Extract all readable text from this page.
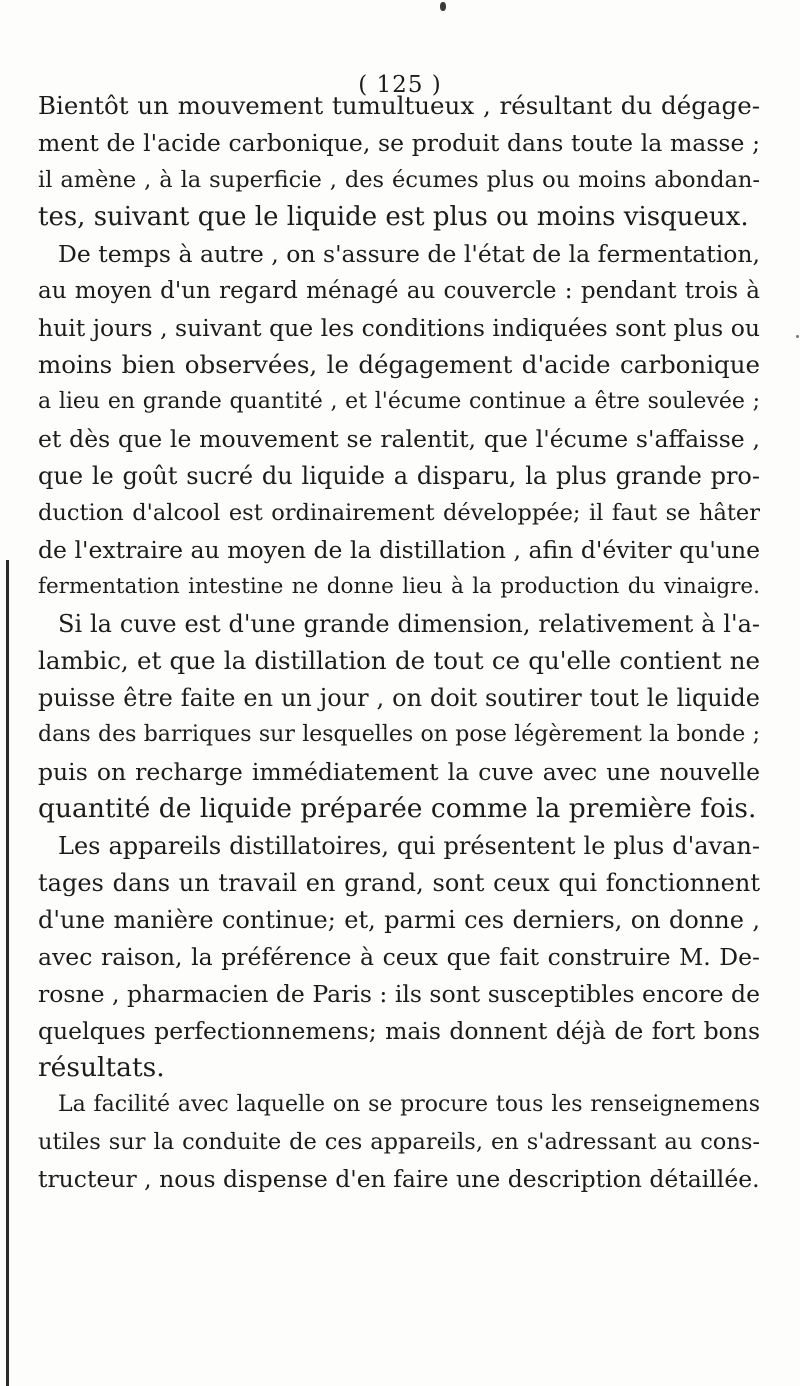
( 125 )
Bientôt un mouvement tumultueux , résultant du dégage-
ment de l'acide carbonique, se produit dans toute la masse ;
il amène , à la superficie , des écumes plus ou moins abondan-
tes, suivant que le liquide est plus ou moins visqueux.
De temps à autre , on s'assure de l'état de la fermentation,
au moyen d'un regard ménagé au couvercle : pendant trois à
huit jours , suivant que les conditions indiquées sont plus ou
moins bien observées, le dégagement d'acide carbonique
a lieu en grande quantité , et l'écume continue a être soulevée ;
et dès que le mouvement se ralentit, que l'écume s'affaisse ,
que le goût sucré du liquide a disparu, la plus grande pro-
duction d'alcool est ordinairement développée; il faut se hâter
de l'extraire au moyen de la distillation , afin d'éviter qu'une
fermentation intestine ne donne lieu à la production du vinaigre.
Si la cuve est d'une grande dimension, relativement à l'a-
lambic, et que la distillation de tout ce qu'elle contient ne
puisse être faite en un jour , on doit soutirer tout le liquide
dans des barriques sur lesquelles on pose légèrement la bonde ;
puis on recharge immédiatement la cuve avec une nouvelle
quantité de liquide préparée comme la première fois.
Les appareils distillatoires, qui présentent le plus d'avan-
tages dans un travail en grand, sont ceux qui fonctionnent
d'une manière continue; et, parmi ces derniers, on donne ,
avec raison, la préférence à ceux que fait construire M. De-
rosne , pharmacien de Paris : ils sont susceptibles encore de
quelques perfectionnemens; mais donnent déjà de fort bons
résultats.
La facilité avec laquelle on se procure tous les renseignemens
utiles sur la conduite de ces appareils, en s'adressant au cons-
tructeur , nous dispense d'en faire une description détaillée.
